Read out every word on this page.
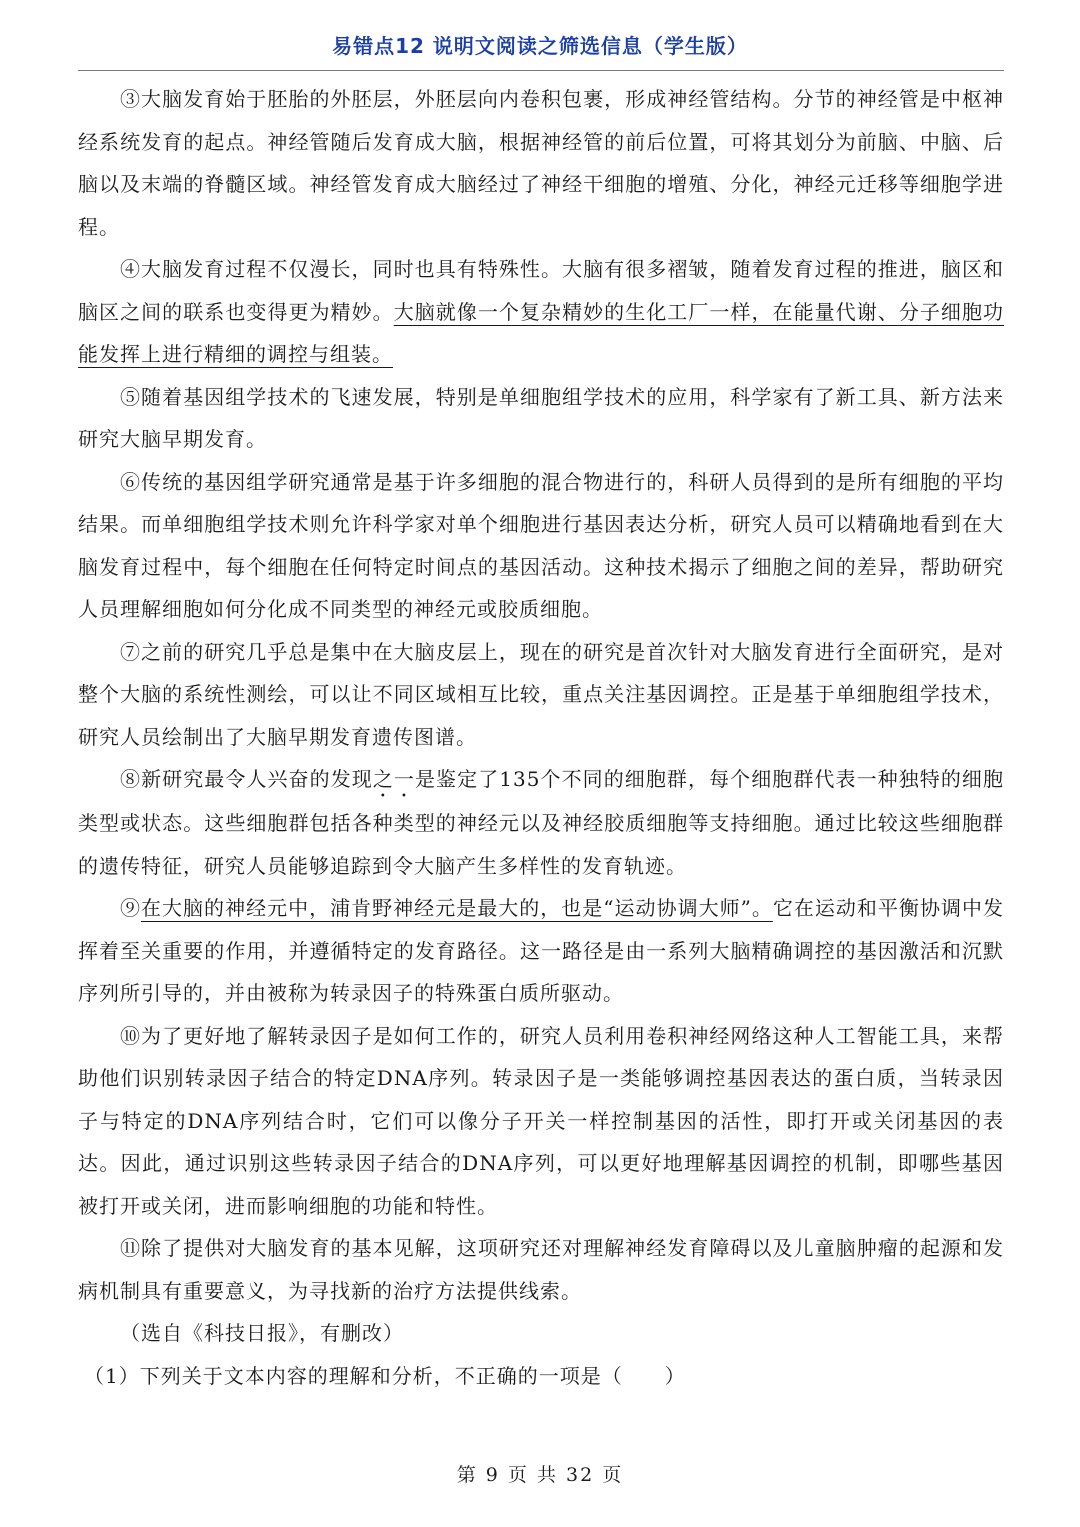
易错点12 说明文阅读之筛选信息（学生版）

③大脑发育始于胚胎的外胚层，外胚层向内卷积包裹，形成神经管结构。分节的神经管是中枢神经系统发育的起点。神经管随后发育成大脑，根据神经管的前后位置，可将其划分为前脑、中脑、后脑以及末端的脊髓区域。神经管发育成大脑经过了神经干细胞的增殖、分化，神经元迁移等细胞学进程。

④大脑发育过程不仅漫长，同时也具有特殊性。大脑有很多褶皱，随着发育过程的推进，脑区和脑区之间的联系也变得更为精妙。大脑就像一个复杂精妙的生化工厂一样，在能量代谢、分子细胞功能发挥上进行精细的调控与组装。

⑤随着基因组学技术的飞速发展，特别是单细胞组学技术的应用，科学家有了新工具、新方法来研究大脑早期发育。

⑥传统的基因组学研究通常是基于许多细胞的混合物进行的，科研人员得到的是所有细胞的平均结果。而单细胞组学技术则允许科学家对单个细胞进行基因表达分析，研究人员可以精确地看到在大脑发育过程中，每个细胞在任何特定时间点的基因活动。这种技术揭示了细胞之间的差异，帮助研究人员理解细胞如何分化成不同类型的神经元或胶质细胞。

⑦之前的研究几乎总是集中在大脑皮层上，现在的研究是首次针对大脑发育进行全面研究，是对整个大脑的系统性测绘，可以让不同区域相互比较，重点关注基因调控。正是基于单细胞组学技术，研究人员绘制出了大脑早期发育遗传图谱。

⑧新研究最令人兴奋的发现之一是鉴定了135个不同的细胞群，每个细胞群代表一种独特的细胞类型或状态。这些细胞群包括各种类型的神经元以及神经胶质细胞等支持细胞。通过比较这些细胞群的遗传特征，研究人员能够追踪到令大脑产生多样性的发育轨迹。

⑨在大脑的神经元中，浦肯野神经元是最大的，也是“运动协调大师”。它在运动和平衡协调中发挥着至关重要的作用，并遵循特定的发育路径。这一路径是由一系列大脑精确调控的基因激活和沉默序列所引导的，并由被称为转录因子的特殊蛋白质所驱动。

⑩为了更好地了解转录因子是如何工作的，研究人员利用卷积神经网络这种人工智能工具，来帮助他们识别转录因子结合的特定DNA序列。转录因子是一类能够调控基因表达的蛋白质，当转录因子与特定的DNA序列结合时，它们可以像分子开关一样控制基因的活性，即打开或关闭基因的表达。因此，通过识别这些转录因子结合的DNA序列，可以更好地理解基因调控的机制，即哪些基因被打开或关闭，进而影响细胞的功能和特性。

⑪除了提供对大脑发育的基本见解，这项研究还对理解神经发育障碍以及儿童脑肿瘤的起源和发病机制具有重要意义，为寻找新的治疗方法提供线索。

（选自《科技日报》，有删改）

（1）下列关于文本内容的理解和分析，不正确的一项是（　　）

第 9 页 共 32 页
